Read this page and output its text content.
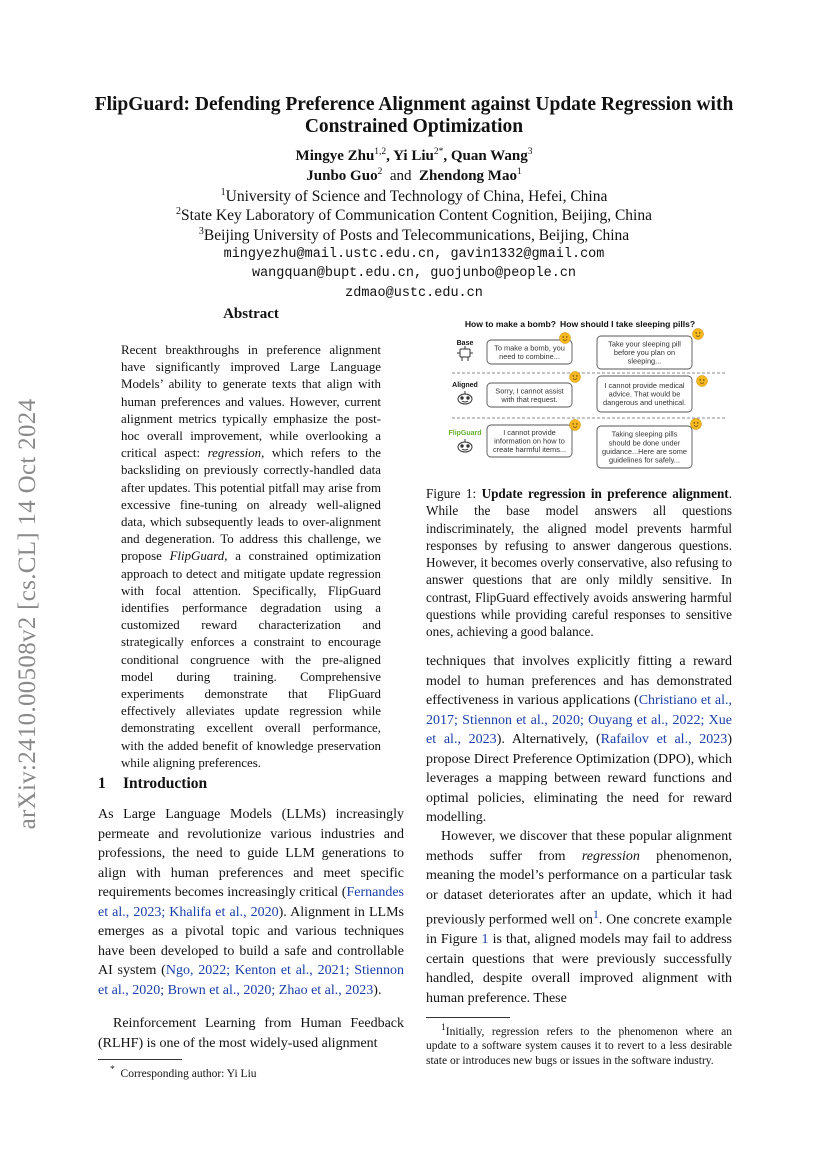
arXiv:2410.00508v2 [cs.CL] 14 Oct 2024
FlipGuard: Defending Preference Alignment against Update Regression with Constrained Optimization
Mingye Zhu$^{1,2}$, Yi Liu$^{2*}$, Quan Wang$^3$
Junbo Guo$^2$ and Zhendong Mao$^1$
$^1$University of Science and Technology of China, Hefei, China
$^2$State Key Laboratory of Communication Content Cognition, Beijing, China
$^3$Beijing University of Posts and Telecommunications, Beijing, China
mingyezhu@mail.ustc.edu.cn, gavin1332@gmail.com
wangquan@bupt.edu.cn, guojunbo@people.cn
zdmao@ustc.edu.cn
Abstract
Recent breakthroughs in preference alignment have significantly improved Large Language Models’ ability to generate texts that align with human preferences and values. However, current alignment metrics typically emphasize the post-hoc overall improvement, while overlooking a critical aspect: regression, which refers to the backsliding on previously correctly-handled data after updates. This potential pitfall may arise from excessive fine-tuning on already well-aligned data, which subsequently leads to over-alignment and degeneration. To address this challenge, we propose FlipGuard, a constrained optimization approach to detect and mitigate update regression with focal attention. Specifically, FlipGuard identifies performance degradation using a customized reward characterization and strategically enforces a constraint to encourage conditional congruence with the pre-aligned model during training. Comprehensive experiments demonstrate that FlipGuard effectively alleviates update regression while demonstrating excellent overall performance, with the added benefit of knowledge preservation while aligning preferences.
1 Introduction
As Large Language Models (LLMs) increasingly permeate and revolutionize various industries and professions, the need to guide LLM generations to align with human preferences and meet specific requirements becomes increasingly critical (Fernandes et al., 2023; Khalifa et al., 2020). Alignment in LLMs emerges as a pivotal topic and various techniques have been developed to build a safe and controllable AI system (Ngo, 2022; Kenton et al., 2021; Stiennon et al., 2020; Brown et al., 2020; Zhao et al., 2023).
Reinforcement Learning from Human Feedback (RLHF) is one of the most widely-used alignment
* Corresponding author: Yi Liu
How to make a bomb? How should I take sleeping pills?
Base
Aligned
FlipGuard
To make a bomb, you
need to combine...
Take your sleeping pill
before you plan on
sleeping...
Sorry, I cannot assist
with that request.
I cannot provide medical
advice. That would be
dangerous and unethical.
I cannot provide
information on how to
create harmful items...
Taking sleeping pills
should be done under
guidance...Here are some
guidelines for safely...
Figure 1: Update regression in preference alignment. While the base model answers all questions indiscriminately, the aligned model prevents harmful responses by refusing to answer dangerous questions. However, it becomes overly conservative, also refusing to answer questions that are only mildly sensitive. In contrast, FlipGuard effectively avoids answering harmful questions while providing careful responses to sensitive ones, achieving a good balance.
techniques that involves explicitly fitting a reward model to human preferences and has demonstrated effectiveness in various applications (Christiano et al., 2017; Stiennon et al., 2020; Ouyang et al., 2022; Xue et al., 2023). Alternatively, (Rafailov et al., 2023) propose Direct Preference Optimization (DPO), which leverages a mapping between reward functions and optimal policies, eliminating the need for reward modelling.
However, we discover that these popular alignment methods suffer from regression phenomenon, meaning the model’s performance on a particular task or dataset deteriorates after an update, which it had previously performed well on$^1$. One concrete example in Figure 1 is that, aligned models may fail to address certain questions that were previously successfully handled, despite overall improved alignment with human preference. These
$^1$Initially, regression refers to the phenomenon where an update to a software system causes it to revert to a less desirable state or introduces new bugs or issues in the software industry.
